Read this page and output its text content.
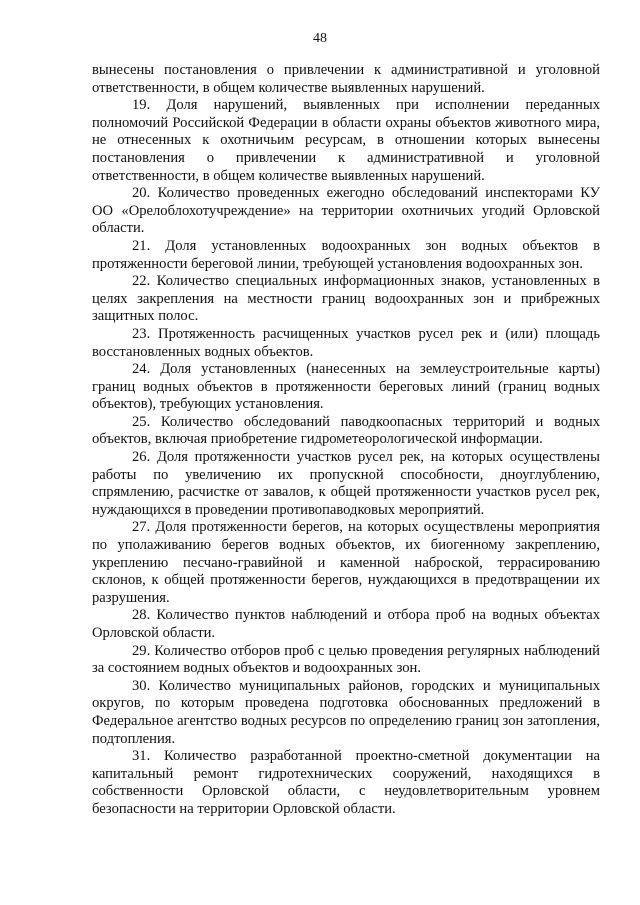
48

вынесены постановления о привлечении к административной и уголовной ответственности, в общем количестве выявленных нарушений.

19. Доля нарушений, выявленных при исполнении переданных полномочий Российской Федерации в области охраны объектов животного мира, не отнесенных к охотничьим ресурсам, в отношении которых вынесены постановления о привлечении к административной и уголовной ответственности, в общем количестве выявленных нарушений.

20. Количество проведенных ежегодно обследований инспекторами КУ ОО «Орелоблохотучреждение» на территории охотничьих угодий Орловской области.

21. Доля установленных водоохранных зон водных объектов в протяженности береговой линии, требующей установления водоохранных зон.

22. Количество специальных информационных знаков, установленных в целях закрепления на местности границ водоохранных зон и прибрежных защитных полос.

23. Протяженность расчищенных участков русел рек и (или) площадь восстановленных водных объектов.

24. Доля установленных (нанесенных на землеустроительные карты) границ водных объектов в протяженности береговых линий (границ водных объектов), требующих установления.

25. Количество обследований паводкоопасных территорий и водных объектов, включая приобретение гидрометеорологической информации.

26. Доля протяженности участков русел рек, на которых осуществлены работы по увеличению их пропускной способности, дноуглублению, спрямлению, расчистке от завалов, к общей протяженности участков русел рек, нуждающихся в проведении противопаводковых мероприятий.

27. Доля протяженности берегов, на которых осуществлены мероприятия по уполаживанию берегов водных объектов, их биогенному закреплению, укреплению песчано-гравийной и каменной наброской, террасированию склонов, к общей протяженности берегов, нуждающихся в предотвращении их разрушения.

28. Количество пунктов наблюдений и отбора проб на водных объектах Орловской области.

29. Количество отборов проб с целью проведения регулярных наблюдений за состоянием водных объектов и водоохранных зон.

30. Количество муниципальных районов, городских и муниципальных округов, по которым проведена подготовка обоснованных предложений в Федеральное агентство водных ресурсов по определению границ зон затопления, подтопления.

31. Количество разработанной проектно-сметной документации на капитальный ремонт гидротехнических сооружений, находящихся в собственности Орловской области, с неудовлетворительным уровнем безопасности на территории Орловской области.
